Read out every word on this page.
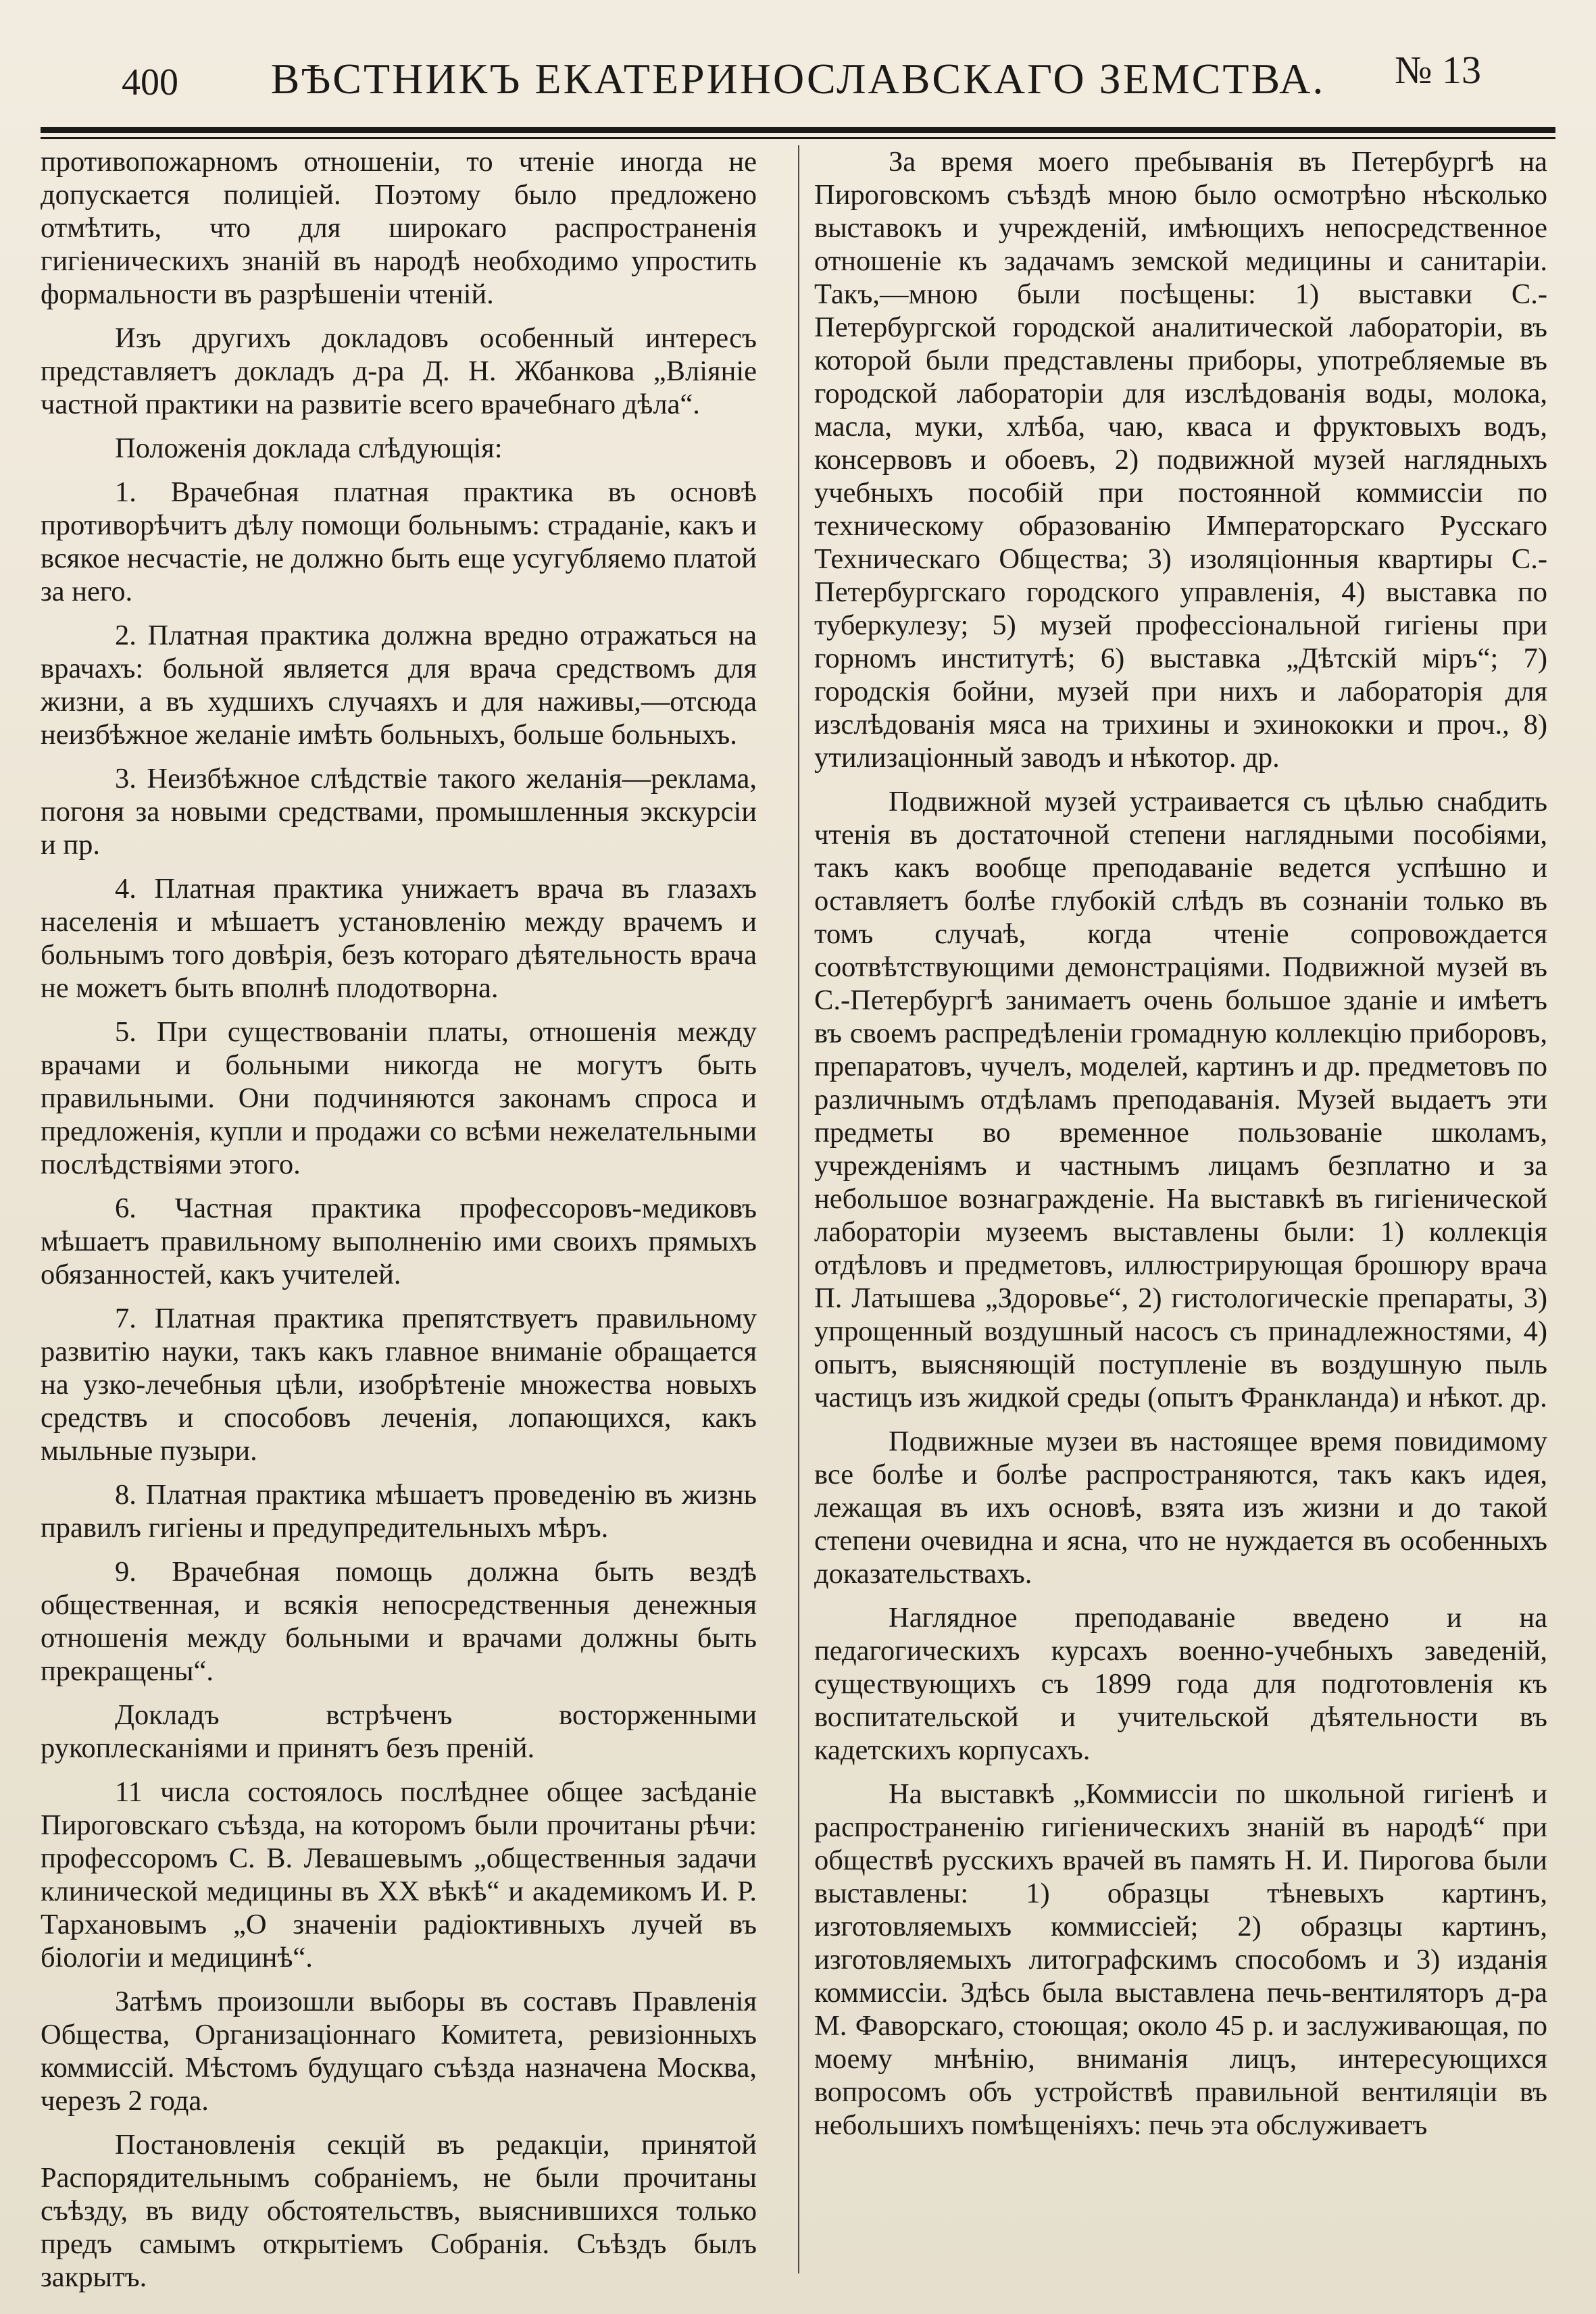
400	ВѢСТНИКЪ ЕКАТЕРИНОСЛАВСКАГО ЗЕМСТВА.	№ 13

противопожарномъ отношеніи, то чтеніе иногда не допускается полиціей. Поэтому было предложено отмѣтить, что для широкаго распространенія гигіеническихъ знаній въ народѣ необходимо упростить формальности въ разрѣшеніи чтеній.

Изъ другихъ докладовъ особенный интересъ представляетъ докладъ д-ра Д. Н. Жбанкова „Вліяніе частной практики на развитіе всего врачебнаго дѣла“.

Положенія доклада слѣдующія:

1. Врачебная платная практика въ основѣ противорѣчитъ дѣлу помощи больнымъ: страданіе, какъ и всякое несчастіе, не должно быть еще усугубляемо платой за него.

2. Платная практика должна вредно отражаться на врачахъ: больной является для врача средствомъ для жизни, а въ худшихъ случаяхъ и для наживы,—отсюда неизбѣжное желаніе имѣть больныхъ, больше больныхъ.

3. Неизбѣжное слѣдствіе такого желанія—реклама, погоня за новыми средствами, промышленныя экскурсіи и пр.

4. Платная практика унижаетъ врача въ глазахъ населенія и мѣшаетъ установленію между врачемъ и больнымъ того довѣрія, безъ котораго дѣятельность врача не можетъ быть вполнѣ плодотворна.

5. При существованіи платы, отношенія между врачами и больными никогда не могутъ быть правильными. Они подчиняются законамъ спроса и предложенія, купли и продажи со всѣми нежелательными послѣдствіями этого.

6. Частная практика профессоровъ-медиковъ мѣшаетъ правильному выполненію ими своихъ прямыхъ обязанностей, какъ учителей.

7. Платная практика препятствуетъ правильному развитію науки, такъ какъ главное вниманіе обращается на узко-лечебныя цѣли, изобрѣтеніе множества новыхъ средствъ и способовъ леченія, лопающихся, какъ мыльные пузыри.

8. Платная практика мѣшаетъ проведенію въ жизнь правилъ гигіены и предупредительныхъ мѣръ.

9. Врачебная помощь должна быть вездѣ общественная, и всякія непосредственныя денежныя отношенія между больными и врачами должны быть прекращены“.

Докладъ встрѣченъ восторженными рукоплесканіями и принятъ безъ преній.

11 числа состоялось послѣднее общее засѣданіе Пироговскаго съѣзда, на которомъ были прочитаны рѣчи: профессоромъ С. В. Левашевымъ „общественныя задачи клинической медицины въ XX вѣкѣ“ и академикомъ И. Р. Тархановымъ „О значеніи радіоктивныхъ лучей въ біологіи и медицинѣ“.

Затѣмъ произошли выборы въ составъ Правленія Общества, Организаціоннаго Комитета, ревизіонныхъ коммиссій. Мѣстомъ будущаго съѣзда назначена Москва, черезъ 2 года.

Постановленія секцій въ редакціи, принятой Распорядительнымъ собраніемъ, не были прочитаны съѣзду, въ виду обстоятельствъ, выяснившихся только предъ самымъ открытіемъ Собранія. Съѣздъ былъ закрытъ.

За время моего пребыванія въ Петербургѣ на Пироговскомъ съѣздѣ мною было осмотрѣно нѣсколько выставокъ и учрежденій, имѣющихъ непосредственное отношеніе къ задачамъ земской медицины и санитаріи. Такъ,—мною были посѣщены: 1) выставки С.-Петербургской городской аналитической лабораторіи, въ которой были представлены приборы, употребляемые въ городской лабораторіи для изслѣдованія воды, молока, масла, муки, хлѣба, чаю, кваса и фруктовыхъ водъ, консервовъ и обоевъ, 2) подвижной музей наглядныхъ учебныхъ пособій при постоянной коммиссіи по техническому образованію Императорскаго Русскаго Техническаго Общества; 3) изоляціонныя квартиры С.-Петербургскаго городского управленія, 4) выставка по туберкулезу; 5) музей профессіональной гигіены при горномъ институтѣ; 6) выставка „Дѣтскій міръ“; 7) городскія бойни, музей при нихъ и лабораторія для изслѣдованія мяса на трихины и эхинококки и проч., 8) утилизаціонный заводъ и нѣкотор. др.

Подвижной музей устраивается съ цѣлью снабдить чтенія въ достаточной степени наглядными пособіями, такъ какъ вообще преподаваніе ведется успѣшно и оставляетъ болѣе глубокій слѣдъ въ сознаніи только въ томъ случаѣ, когда чтеніе сопровождается соотвѣтствующими демонстраціями. Подвижной музей въ С.-Петербургѣ занимаетъ очень большое зданіе и имѣетъ въ своемъ распредѣленіи громадную коллекцію приборовъ, препаратовъ, чучелъ, моделей, картинъ и др. предметовъ по различнымъ отдѣламъ преподаванія. Музей выдаетъ эти предметы во временное пользованіе школамъ, учрежденіямъ и частнымъ лицамъ безплатно и за небольшое вознагражденіе. На выставкѣ въ гигіенической лабораторіи музеемъ выставлены были: 1) коллекція отдѣловъ и предметовъ, иллюстрирующая брошюру врача П. Латышева „Здоровье“, 2) гистологическіе препараты, 3) упрощенный воздушный насосъ съ принадлежностями, 4) опытъ, выясняющій поступленіе въ воздушную пыль частицъ изъ жидкой среды (опытъ Франкланда) и нѣкот. др.

Подвижные музеи въ настоящее время повидимому все болѣе и болѣе распространяются, такъ какъ идея, лежащая въ ихъ основѣ, взята изъ жизни и до такой степени очевидна и ясна, что не нуждается въ особенныхъ доказательствахъ.

Наглядное преподаваніе введено и на педагогическихъ курсахъ военно-учебныхъ заведеній, существующихъ съ 1899 года для подготовленія къ воспитательской и учительской дѣятельности въ кадетскихъ корпусахъ.

На выставкѣ „Коммиссіи по школьной гигіенѣ и распространенію гигіеническихъ знаній въ народѣ“ при обществѣ русскихъ врачей въ память Н. И. Пирогова были выставлены: 1) образцы тѣневыхъ картинъ, изготовляемыхъ коммиссіей; 2) образцы картинъ, изготовляемыхъ литографскимъ способомъ и 3) изданія коммиссіи. Здѣсь была выставлена печь-вентиляторъ д-ра М. Фаворскаго, стоющая; около 45 р. и заслуживающая, по моему мнѣнію, вниманія лицъ, интересующихся вопросомъ объ устройствѣ правильной вентиляціи въ небольшихъ помѣщеніяхъ: печь эта обслуживаетъ
